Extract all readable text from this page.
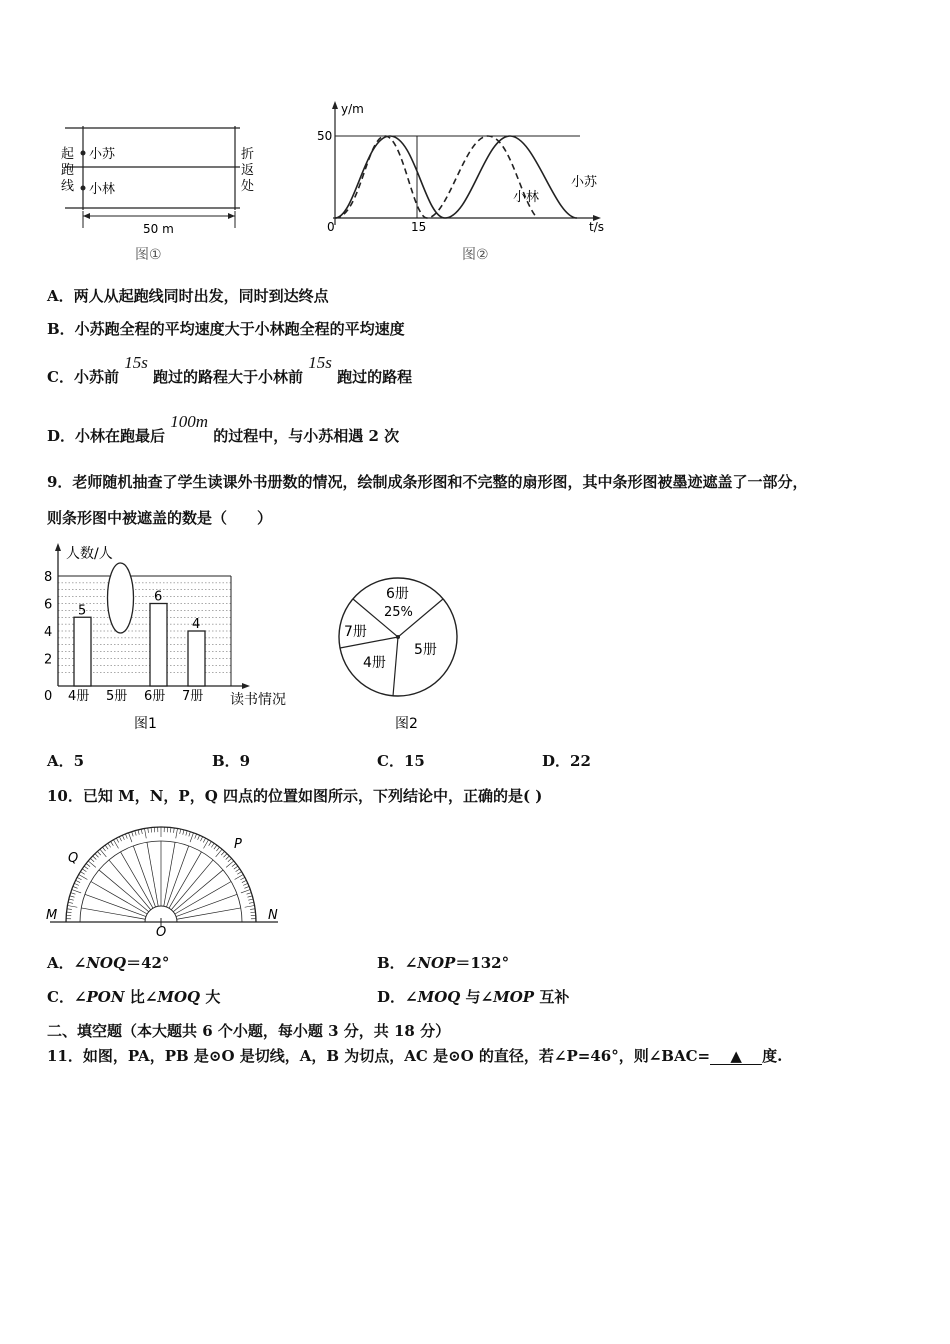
起
跑
线
折
返
处
小苏
小林
50 m
图①
y/m
50
0	15	t/s
小苏
小林
图②
A．两人从起跑线同时出发，同时到达终点
B．小苏跑全程的平均速度大于小林跑全程的平均速度
C．小苏前 15s 跑过的路程大于小林前 15s 跑过的路程
D．小林在跑最后 100m 的过程中，与小苏相遇 2 次
9．老师随机抽查了学生读课外书册数的情况，绘制成条形图和不完整的扇形图，其中条形图被墨迹遮盖了一部分，
则条形图中被遮盖的数是（　　）
2
4
6
8
0
人数/人
读书情况
图1
5
4册 5册
6
6册
4
7册
6册
25%
5册
4册
7册
图2
A．5	B．9	C．15	D．22
10．已知 M，N，P，Q 四点的位置如图所示，下列结论中，正确的是( )
M	N
P
Q
O
A．∠NOQ＝42°	B．∠NOP＝132°
C．∠PON 比∠MOQ 大	D．∠MOQ 与∠MOP 互补
二、填空题（本大题共 6 个小题，每小题 3 分，共 18 分）
11．如图，PA，PB 是⊙O 是切线，A，B 为切点，AC 是⊙O 的直径，若∠P=46°，则∠BAC= ▲ 度.
